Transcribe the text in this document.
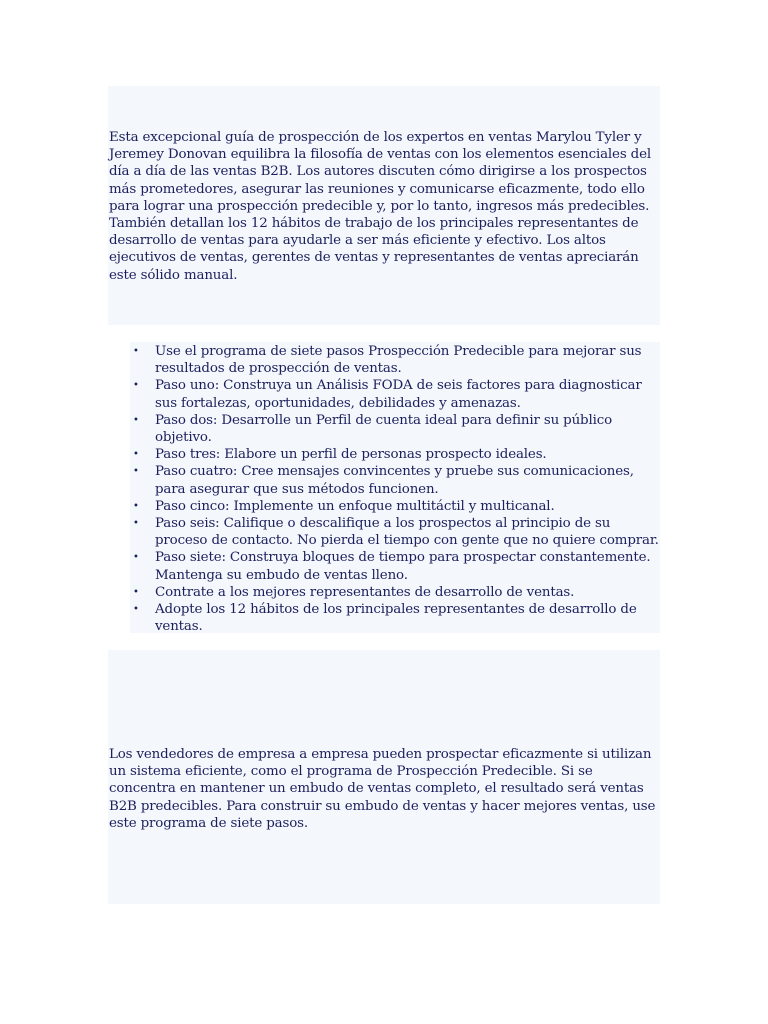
Esta excepcional guía de prospección de los expertos en ventas Marylou Tyler y Jeremey Donovan equilibra la filosofía de ventas con los elementos esenciales del día a día de las ventas B2B. Los autores discuten cómo dirigirse a los prospectos más prometedores, asegurar las reuniones y comunicarse eficazmente, todo ello para lograr una prospección predecible y, por lo tanto, ingresos más predecibles. También detallan los 12 hábitos de trabajo de los principales representantes de desarrollo de ventas para ayudarle a ser más eficiente y efectivo. Los altos ejecutivos de ventas, gerentes de ventas y representantes de ventas apreciarán este sólido manual.

• Use el programa de siete pasos Prospección Predecible para mejorar sus resultados de prospección de ventas.
• Paso uno: Construya un Análisis FODA de seis factores para diagnosticar sus fortalezas, oportunidades, debilidades y amenazas.
• Paso dos: Desarrolle un Perfil de cuenta ideal para definir su público objetivo.
• Paso tres: Elabore un perfil de personas prospecto ideales.
• Paso cuatro: Cree mensajes convincentes y pruebe sus comunicaciones, para asegurar que sus métodos funcionen.
• Paso cinco: Implemente un enfoque multitáctil y multicanal.
• Paso seis: Califique o descalifique a los prospectos al principio de su proceso de contacto. No pierda el tiempo con gente que no quiere comprar.
• Paso siete: Construya bloques de tiempo para prospectar constantemente. Mantenga su embudo de ventas lleno.
• Contrate a los mejores representantes de desarrollo de ventas.
• Adopte los 12 hábitos de los principales representantes de desarrollo de ventas.

Los vendedores de empresa a empresa pueden prospectar eficazmente si utilizan un sistema eficiente, como el programa de Prospección Predecible. Si se concentra en mantener un embudo de ventas completo, el resultado será ventas B2B predecibles. Para construir su embudo de ventas y hacer mejores ventas, use este programa de siete pasos.
